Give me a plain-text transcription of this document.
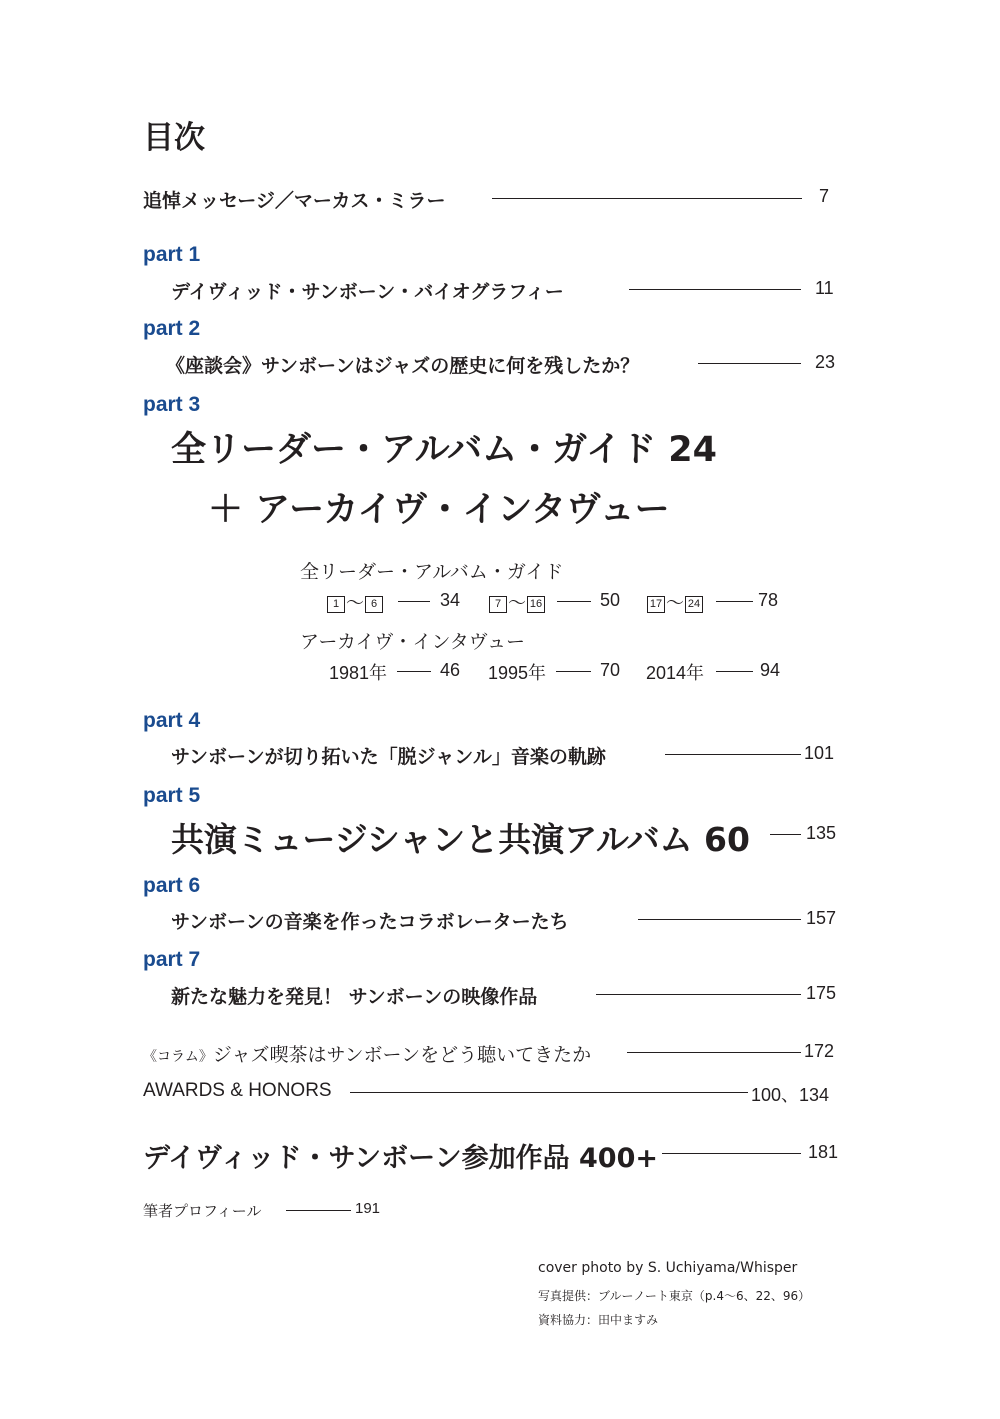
目次
追悼メッセージ／マーカス・ミラー	7
part 1
デイヴィッド・サンボーン・バイオグラフィー	11
part 2
《座談会》サンボーンはジャズの歴史に何を残したか？	23
part 3
全リーダー・アルバム・ガイド 24
＋ アーカイヴ・インタヴュー
全リーダー・アルバム・ガイド
1 〜 6	34	7 〜 16	50	17 〜 24	78
アーカイヴ・インタヴュー
1981年	46 1995年	70 2014年	94
part 4
サンボーンが切り拓いた「脱ジャンル」音楽の軌跡	101
part 5
共演ミュージシャンと共演アルバム 60	135
part 6
サンボーンの音楽を作ったコラボレーターたち	157
part 7
新たな魅力を発見！ サンボーンの映像作品	175
《コラム》ジャズ喫茶はサンボーンをどう聴いてきたか	172
AWARDS & HONORS	100、134
デイヴィッド・サンボーン参加作品 400+	181
筆者プロフィール	191
cover photo by S. Uchiyama/Whisper
写真提供：ブルーノート東京（p.4〜6、22、96）
資料協力：田中ますみ
